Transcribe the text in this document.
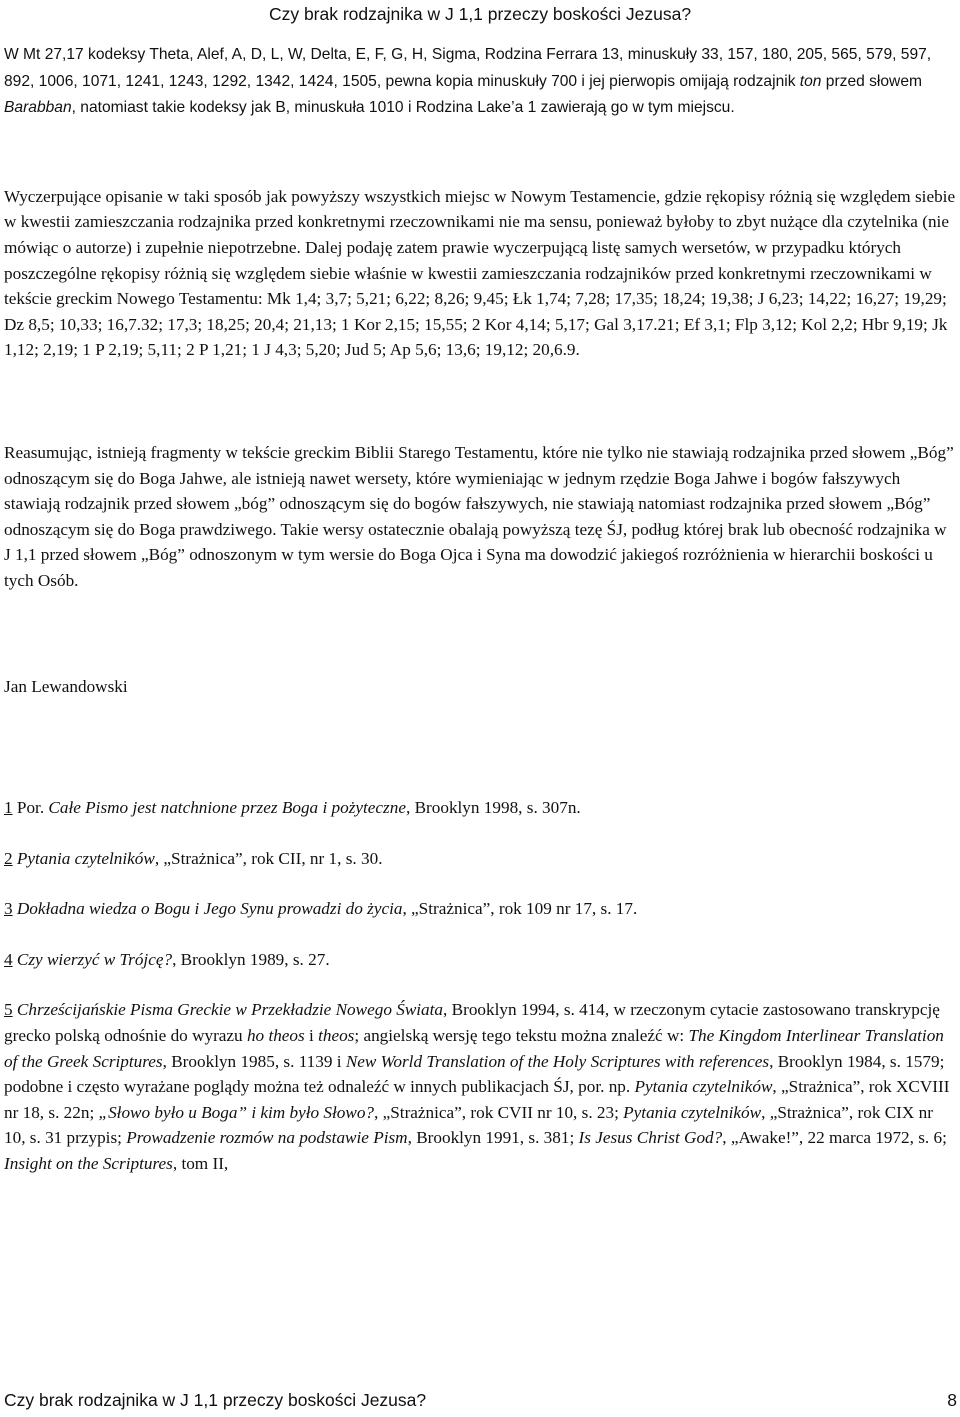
Czy brak rodzajnika w J 1,1 przeczy boskości Jezusa?

W Mt 27,17 kodeksy Theta, Alef, A, D, L, W, Delta, E, F, G, H, Sigma, Rodzina Ferrara 13, minuskuły 33, 157, 180, 205, 565, 579, 597, 892, 1006, 1071, 1241, 1243, 1292, 1342, 1424, 1505, pewna kopia minuskuły 700 i jej pierwopis omijają rodzajnik ton przed słowem Barabban, natomiast takie kodeksy jak B, minuskuła 1010 i Rodzina Lake’a 1 zawierają go w tym miejscu.

Wyczerpujące opisanie w taki sposób jak powyższy wszystkich miejsc w Nowym Testamencie, gdzie rękopisy różnią się względem siebie w kwestii zamieszczania rodzajnika przed konkretnymi rzeczownikami nie ma sensu, ponieważ byłoby to zbyt nużące dla czytelnika (nie mówiąc o autorze) i zupełnie niepotrzebne. Dalej podaję zatem prawie wyczerpującą listę samych wersetów, w przypadku których poszczególne rękopisy różnią się względem siebie właśnie w kwestii zamieszczania rodzajników przed konkretnymi rzeczownikami w tekście greckim Nowego Testamentu: Mk 1,4; 3,7; 5,21; 6,22; 8,26; 9,45; Łk 1,74; 7,28; 17,35; 18,24; 19,38; J 6,23; 14,22; 16,27; 19,29; Dz 8,5; 10,33; 16,7.32; 17,3; 18,25; 20,4; 21,13; 1 Kor 2,15; 15,55; 2 Kor 4,14; 5,17; Gal 3,17.21; Ef 3,1; Flp 3,12; Kol 2,2; Hbr 9,19; Jk 1,12; 2,19; 1 P 2,19; 5,11; 2 P 1,21; 1 J 4,3; 5,20; Jud 5; Ap 5,6; 13,6; 19,12; 20,6.9.

Reasumując, istnieją fragmenty w tekście greckim Biblii Starego Testamentu, które nie tylko nie stawiają rodzajnika przed słowem „Bóg” odnoszącym się do Boga Jahwe, ale istnieją nawet wersety, które wymieniając w jednym rzędzie Boga Jahwe i bogów fałszywych stawiają rodzajnik przed słowem „bóg” odnoszącym się do bogów fałszywych, nie stawiają natomiast rodzajnika przed słowem „Bóg” odnoszącym się do Boga prawdziwego. Takie wersy ostatecznie obalają powyższą tezę ŚJ, podług której brak lub obecność rodzajnika w J 1,1 przed słowem „Bóg” odnoszonym w tym wersie do Boga Ojca i Syna ma dowodzić jakiegoś rozróżnienia w hierarchii boskości u tych Osób.

Jan Lewandowski

1 Por. Całe Pismo jest natchnione przez Boga i pożyteczne, Brooklyn 1998, s. 307n.

2 Pytania czytelników, „Strażnica”, rok CII, nr 1, s. 30.

3 Dokładna wiedza o Bogu i Jego Synu prowadzi do życia, „Strażnica”, rok 109 nr 17, s. 17.

4 Czy wierzyć w Trójcę?, Brooklyn 1989, s. 27.

5 Chrześcijańskie Pisma Greckie w Przekładzie Nowego Świata, Brooklyn 1994, s. 414, w rzeczonym cytacie zastosowano transkrypcję grecko polską odnośnie do wyrazu ho theos i theos; angielską wersję tego tekstu można znaleźć w: The Kingdom Interlinear Translation of the Greek Scriptures, Brooklyn 1985, s. 1139 i New World Translation of the Holy Scriptures with references, Brooklyn 1984, s. 1579; podobne i często wyrażane poglądy można też odnaleźć w innych publikacjach ŚJ, por. np. Pytania czytelników, „Strażnica”, rok XCVIII nr 18, s. 22n; „Słowo było u Boga” i kim było Słowo?, „Strażnica”, rok CVII nr 10, s. 23; Pytania czytelników, „Strażnica”, rok CIX nr 10, s. 31 przypis; Prowadzenie rozmów na podstawie Pism, Brooklyn 1991, s. 381; Is Jesus Christ God?, „Awake!”, 22 marca 1972, s. 6; Insight on the Scriptures, tom II,

Czy brak rodzajnika w J 1,1 przeczy boskości Jezusa?	8
